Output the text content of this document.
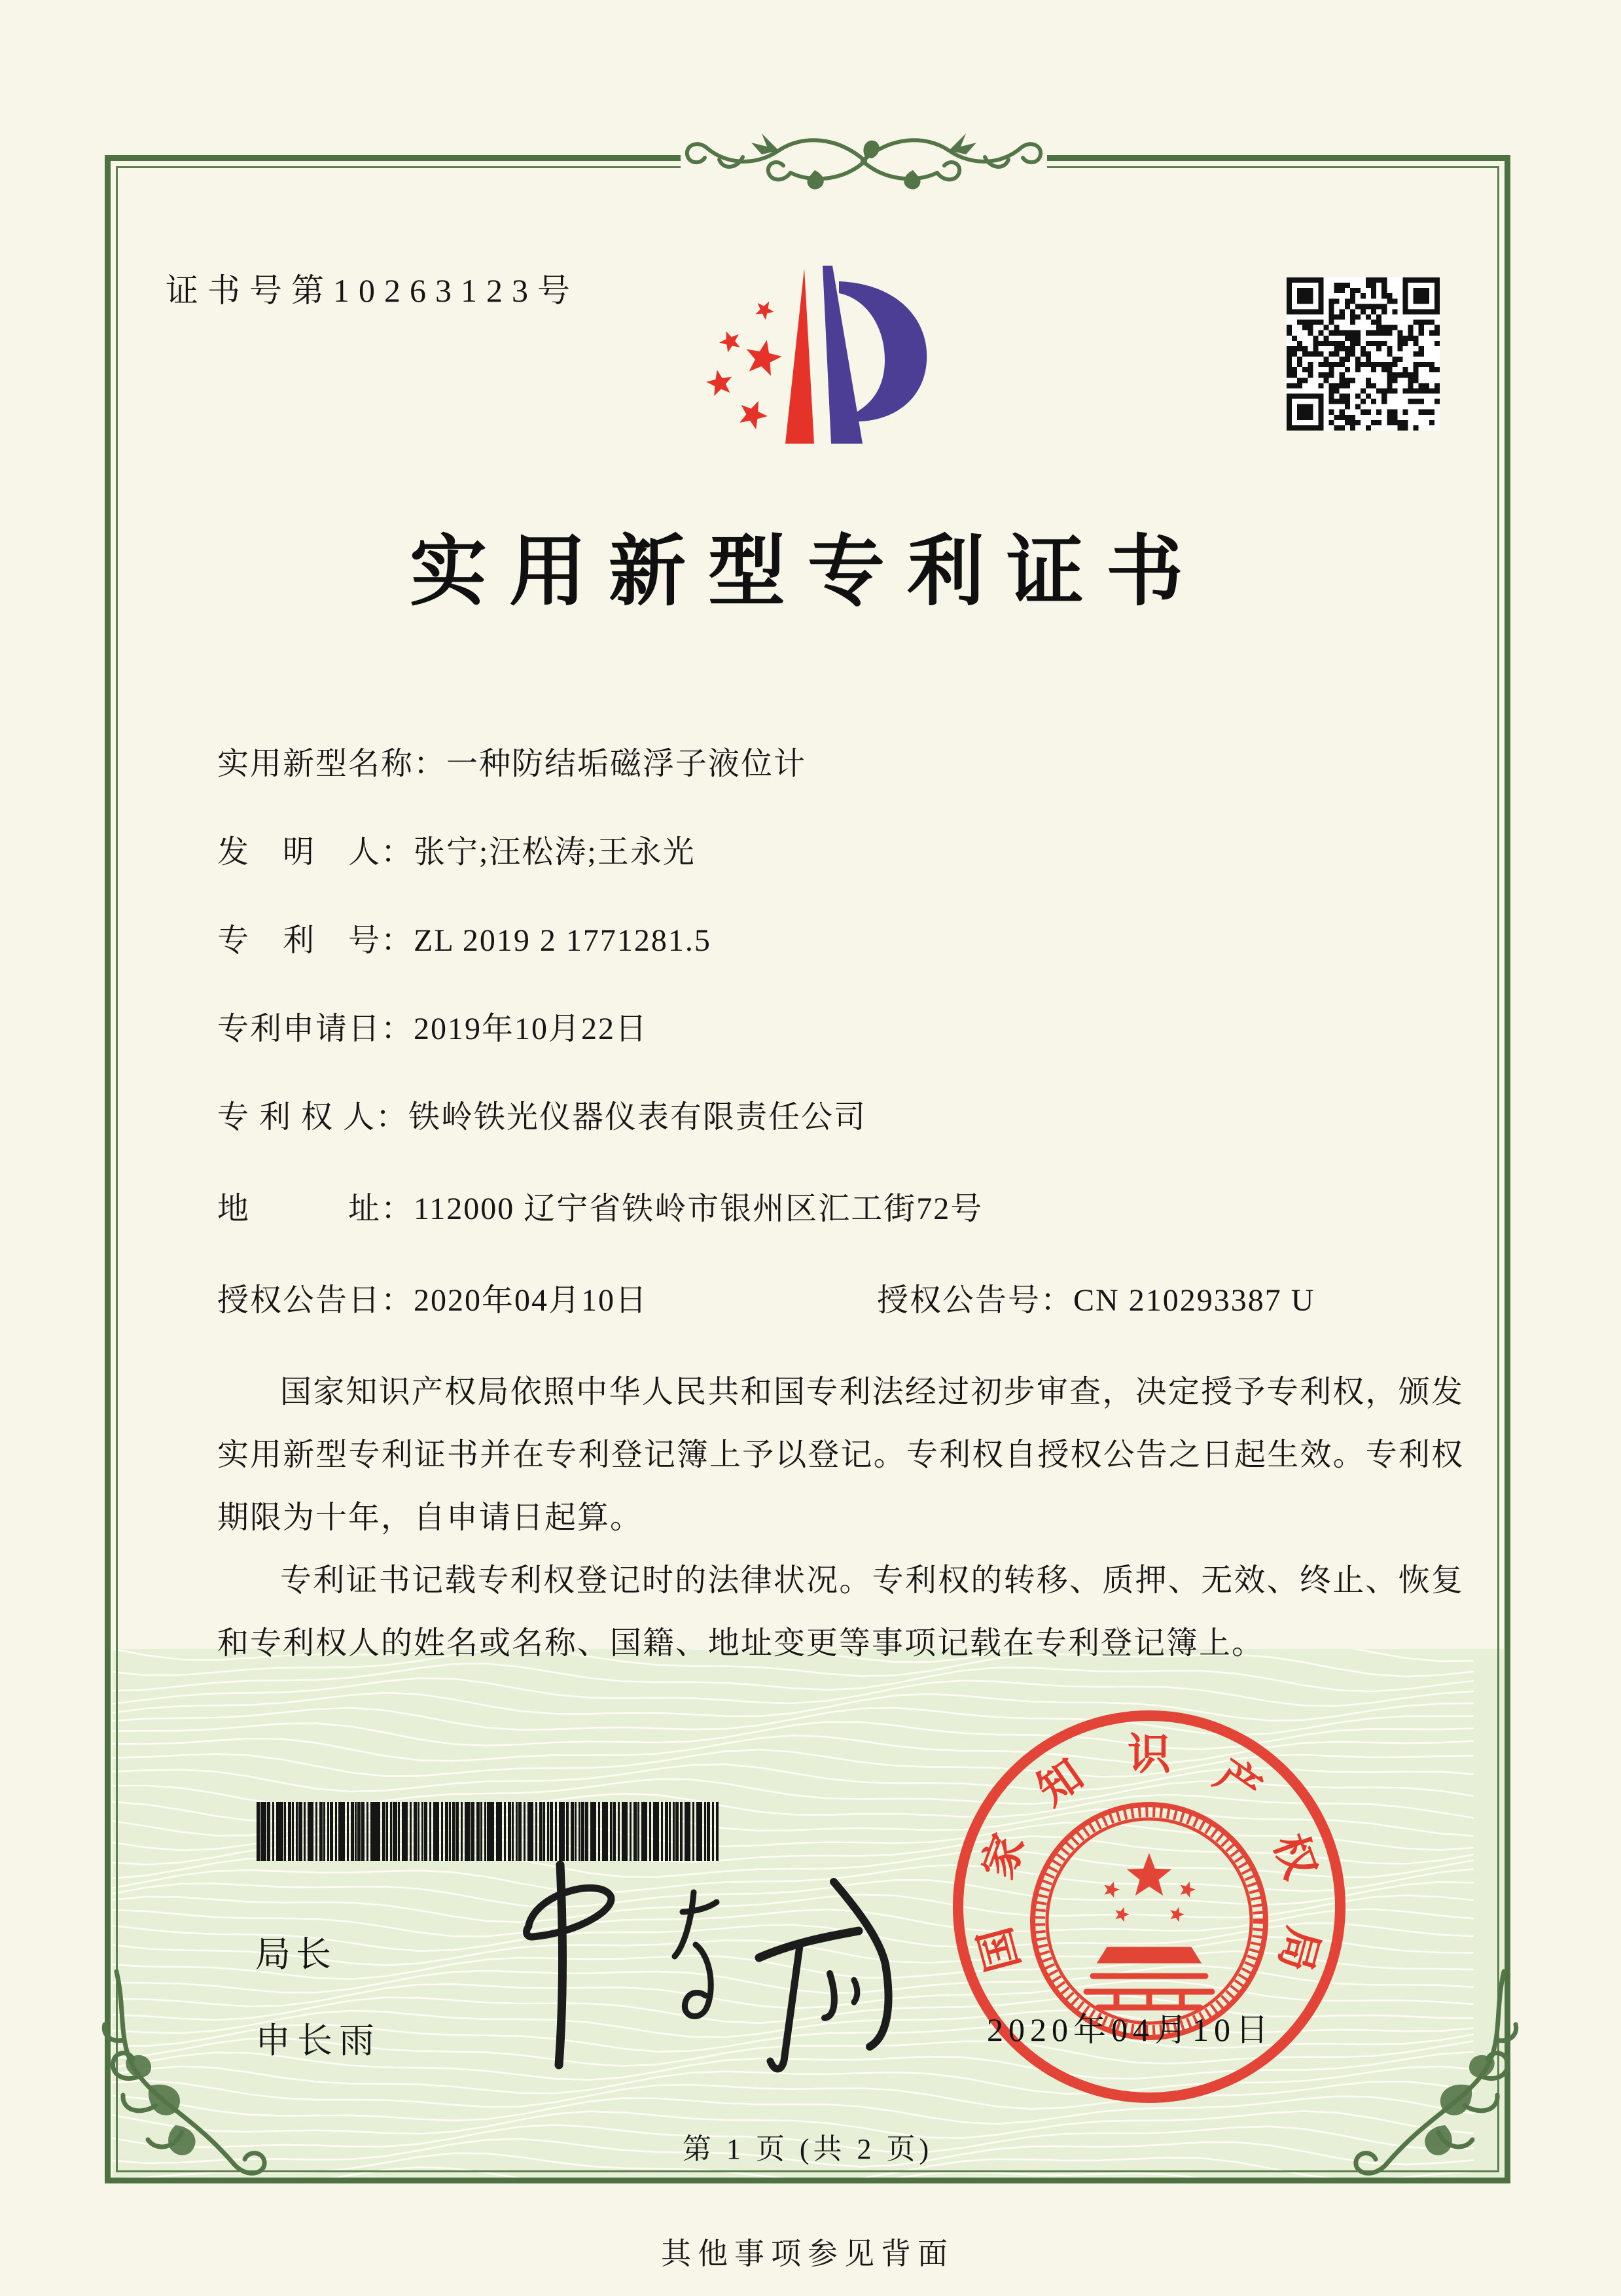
证书号第10263123号
实用新型专利证书
实用新型名称：一种防结垢磁浮子液位计
发　明　人：张宁;汪松涛;王永光
专　利　号：ZL 2019 2 1771281.5
专利申请日：2019年10月22日
专 利 权 人：铁岭铁光仪器仪表有限责任公司
地　　　址：112000 辽宁省铁岭市银州区汇工街72号
授权公告日：2020年04月10日	授权公告号：CN 210293387 U

国家知识产权局依照中华人民共和国专利法经过初步审查，决定授予专利权，颁发实用新型专利证书并在专利登记簿上予以登记。专利权自授权公告之日起生效。专利权期限为十年，自申请日起算。

专利证书记载专利权登记时的法律状况。专利权的转移、质押、无效、终止、恢复和专利权人的姓名或名称、国籍、地址变更等事项记载在专利登记簿上。

局长
申长雨
国
家
知 识 产
权
局
2020年04月10日
第 1 页 (共 2 页)
其他事项参见背面
